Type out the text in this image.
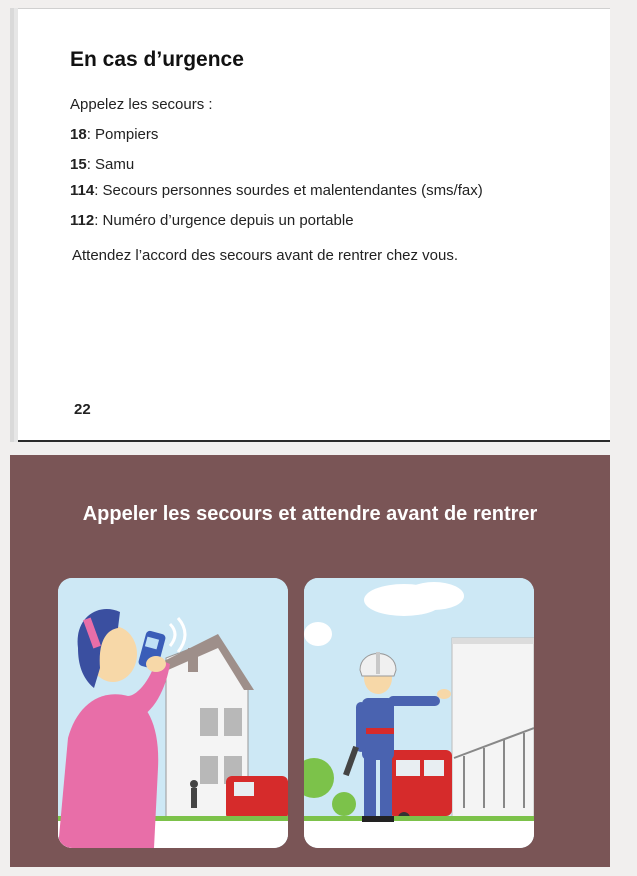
En cas d’urgence
Appelez les secours :
18: Pompiers
15: Samu
114: Secours personnes sourdes et malentendantes (sms/fax)
112: Numéro d’urgence depuis un portable
Attendez l’accord des secours avant de rentrer chez vous.
22
Appeler les secours et attendre avant de rentrer
